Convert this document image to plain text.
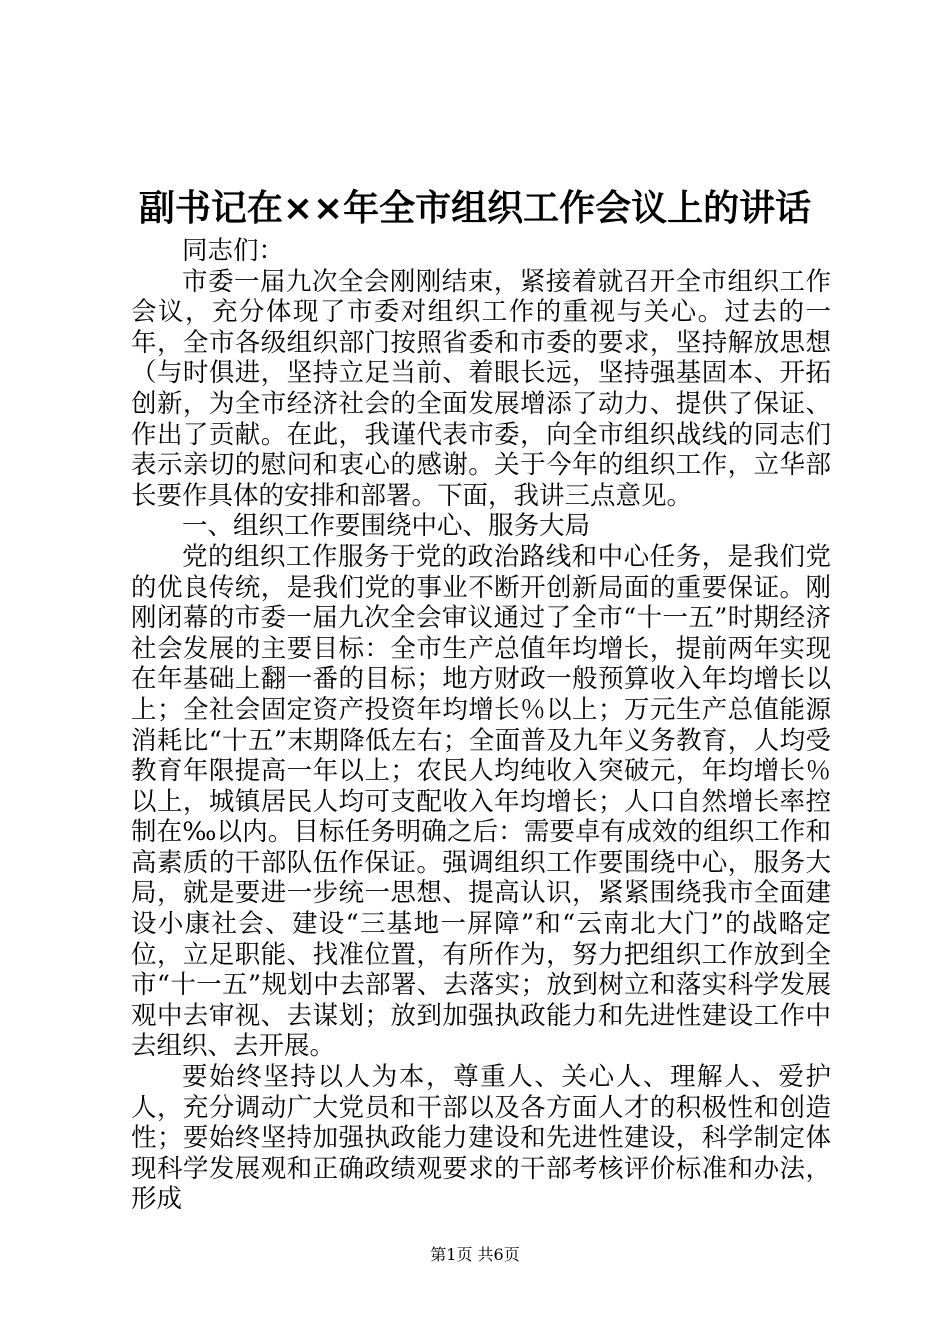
副书记在××年全市组织工作会议上的讲话

同志们：

市委一届九次全会刚刚结束，紧接着就召开全市组织工作会议，充分体现了市委对组织工作的重视与关心。过去的一年，全市各级组织部门按照省委和市委的要求，坚持解放思想（与时俱进，坚持立足当前、着眼长远，坚持强基固本、开拓创新，为全市经济社会的全面发展增添了动力、提供了保证、作出了贡献。在此，我谨代表市委，向全市组织战线的同志们表示亲切的慰问和衷心的感谢。关于今年的组织工作，立华部长要作具体的安排和部署。下面，我讲三点意见。

一、组织工作要围绕中心、服务大局

党的组织工作服务于党的政治路线和中心任务，是我们党的优良传统，是我们党的事业不断开创新局面的重要保证。刚刚闭幕的市委一届九次全会审议通过了全市“十一五”时期经济社会发展的主要目标：全市生产总值年均增长，提前两年实现在年基础上翻一番的目标；地方财政一般预算收入年均增长以上；全社会固定资产投资年均增长％以上；万元生产总值能源消耗比“十五”末期降低左右；全面普及九年义务教育，人均受教育年限提高一年以上；农民人均纯收入突破元，年均增长％以上，城镇居民人均可支配收入年均增长；人口自然增长率控制在‰以内。目标任务明确之后：需要卓有成效的组织工作和高素质的干部队伍作保证。强调组织工作要围绕中心，服务大局，就是要进一步统一思想、提高认识，紧紧围绕我市全面建设小康社会、建设“三基地一屏障”和“云南北大门”的战略定位，立足职能、找准位置，有所作为，努力把组织工作放到全市“十一五”规划中去部署、去落实；放到树立和落实科学发展观中去审视、去谋划；放到加强执政能力和先进性建设工作中去组织、去开展。

要始终坚持以人为本，尊重人、关心人、理解人、爱护人，充分调动广大党员和干部以及各方面人才的积极性和创造性；要始终坚持加强执政能力建设和先进性建设，科学制定体现科学发展观和正确政绩观要求的干部考核评价标准和办法，形成

第1页 共6页
